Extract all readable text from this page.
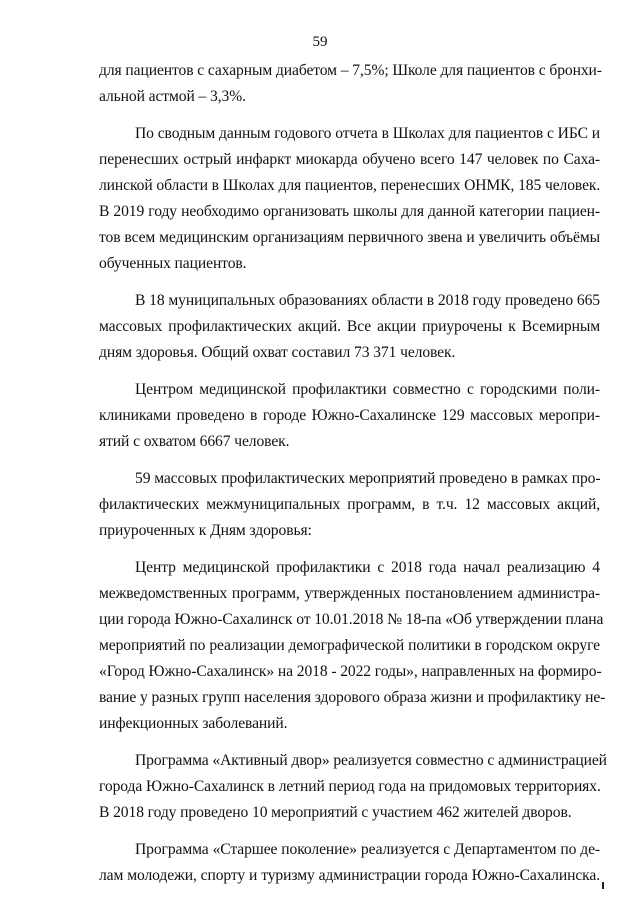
59
для пациентов с сахарным диабетом – 7,5%; Школе для пациентов с бронхи-
альной астмой – 3,3%.
По сводным данным годового отчета в Школах для пациентов с ИБС и
перенесших острый инфаркт миокарда обучено всего 147 человек по Саха-
линской области в Школах для пациентов, перенесших ОНМК, 185 человек.
В 2019 году необходимо организовать школы для данной категории пациен-
тов всем медицинским организациям первичного звена и увеличить объёмы
обученных пациентов.
В 18 муниципальных образованиях области в 2018 году проведено 665
массовых профилактических акций. Все акции приурочены к Всемирным
дням здоровья. Общий охват составил 73 371 человек.
Центром медицинской профилактики совместно с городскими поли-
клиниками проведено в городе Южно-Сахалинске 129 массовых меропри-
ятий с охватом 6667 человек.
59 массовых профилактических мероприятий проведено в рамках про-
филактических межмуниципальных программ, в т.ч. 12 массовых акций,
приуроченных к Дням здоровья:
Центр медицинской профилактики с 2018 года начал реализацию 4
межведомственных программ, утвержденных постановлением администра-
ции города Южно-Сахалинск от 10.01.2018 № 18-па «Об утверждении плана
мероприятий по реализации демографической политики в городском округе
«Город Южно-Сахалинск» на 2018 - 2022 годы», направленных на формиро-
вание у разных групп населения здорового образа жизни и профилактику не-
инфекционных заболеваний.
Программа «Активный двор» реализуется совместно с администрацией
города Южно-Сахалинск в летний период года на придомовых территориях.
В 2018 году проведено 10 мероприятий с участием 462 жителей дворов.
Программа «Старшее поколение» реализуется с Департаментом по де-
лам молодежи, спорту и туризму администрации города Южно-Сахалинска.
